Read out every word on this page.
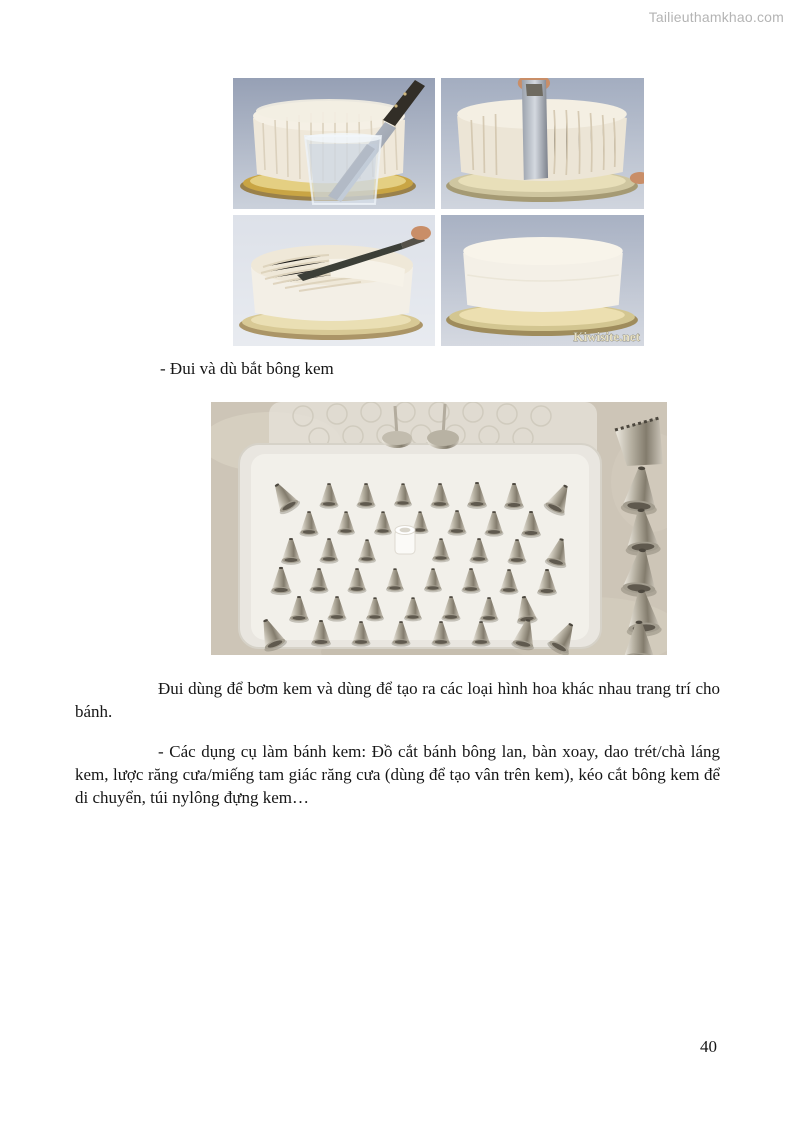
Tailieuthamkhao.com
Kiwisite.net
- Đui và dù bắt bông kem

Đui dùng để bơm kem và dùng để tạo ra các loại hình hoa khác nhau trang trí cho bánh.

- Các dụng cụ làm bánh kem: Đồ cắt bánh bông lan, bàn xoay, dao trét/chà láng kem, lược răng cưa/miếng tam giác răng cưa (dùng để tạo vân trên kem), kéo cắt bông kem để di chuyển, túi nylông đựng kem…

40
